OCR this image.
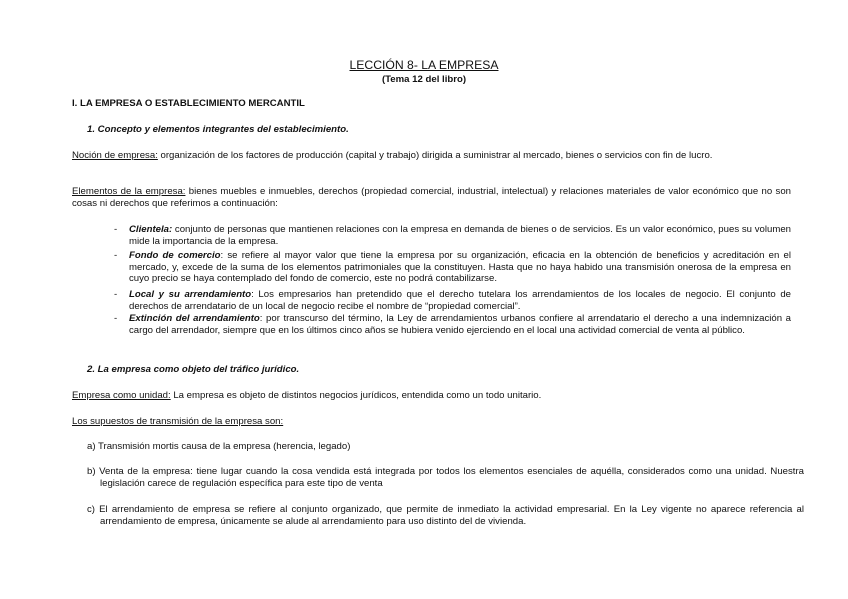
LECCIÓN 8- LA EMPRESA
(Tema 12 del libro)
I. LA EMPRESA O ESTABLECIMIENTO MERCANTIL
1. Concepto y elementos integrantes del establecimiento.
Noción de empresa: organización de los factores de producción (capital y trabajo) dirigida a suministrar al mercado, bienes o servicios con fin de lucro.
Elementos de la empresa: bienes muebles e inmuebles, derechos (propiedad comercial, industrial, intelectual) y relaciones materiales de valor económico que no son cosas ni derechos que referimos a continuación:
- Clientela: conjunto de personas que mantienen relaciones con la empresa en demanda de bienes o de servicios. Es un valor económico, pues su volumen mide la importancia de la empresa.
- Fondo de comercio: se refiere al mayor valor que tiene la empresa por su organización, eficacia en la obtención de beneficios y acreditación en el mercado, y, excede de la suma de los elementos patrimoniales que la constituyen. Hasta que no haya habido una transmisión onerosa de la empresa en cuyo precio se haya contemplado del fondo de comercio, este no podrá contabilizarse.
- Local y su arrendamiento: Los empresarios han pretendido que el derecho tutelara los arrendamientos de los locales de negocio. El conjunto de derechos de arrendatario de un local de negocio recibe el nombre de “propiedad comercial”.
- Extinción del arrendamiento: por transcurso del término, la Ley de arrendamientos urbanos confiere al arrendatario el derecho a una indemnización a cargo del arrendador, siempre que en los últimos cinco años se hubiera venido ejerciendo en el local una actividad comercial de venta al público.
2. La empresa como objeto del tráfico jurídico.
Empresa como unidad: La empresa es objeto de distintos negocios jurídicos, entendida como un todo unitario.
Los supuestos de transmisión de la empresa son:
a) Transmisión mortis causa de la empresa (herencia, legado)
b) Venta de la empresa: tiene lugar cuando la cosa vendida está integrada por todos los elementos esenciales de aquélla, considerados como una unidad. Nuestra legislación carece de regulación específica para este tipo de venta
c) El arrendamiento de empresa se refiere al conjunto organizado, que permite de inmediato la actividad empresarial. En la Ley vigente no aparece referencia al arrendamiento de empresa, únicamente se alude al arrendamiento para uso distinto del de vivienda.
